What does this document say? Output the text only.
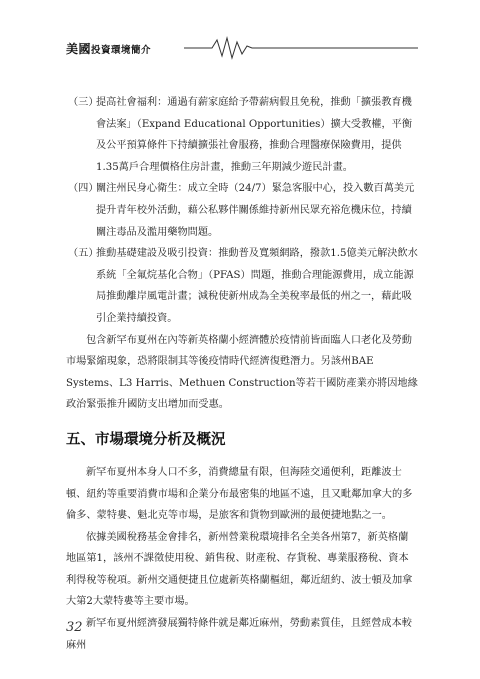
美國投資環境簡介

（三）
提高社會福利：通過有薪家庭給予帶薪病假且免稅，推動「擴張教育機會法案」（Expand Educational Opportunities）擴大受教權，平衡及公平預算條件下持續擴張社會服務，推動合理醫療保險費用，提供1.35萬戶合理價格住房計畫，推動三年期減少遊民計畫。

（四）
關注州民身心衛生：成立全時（24/7）緊急客服中心，投入數百萬美元提升青年校外活動，藉公私夥伴關係維持新州民眾充裕危機床位，持續關注毒品及濫用藥物問題。

（五）
推動基礎建設及吸引投資：推動普及寬頻網路，撥款1.5億美元解決飲水系統「全氟烷基化合物」（PFAS）問題，推動合理能源費用，成立能源局推動離岸風電計畫；減稅使新州成為全美稅率最低的州之一，藉此吸引企業持續投資。

包含新罕布夏州在內等新英格蘭小經濟體於疫情前皆面臨人口老化及勞動市場緊縮現象，恐將限制其等後疫情時代經濟復甦潛力。另該州BAE Systems、L3 Harris、Methuen Construction等若干國防產業亦將因地緣政治緊張推升國防支出增加而受惠。

五、市場環境分析及概況

新罕布夏州本身人口不多，消費總量有限，但海陸交通便利，距離波士頓、紐約等重要消費市場和企業分布最密集的地區不遠，且又毗鄰加拿大的多倫多、蒙特婁、魁北克等市場，是旅客和貨物到歐洲的最便捷地點之一。

依據美國稅務基金會排名，新州營業稅環境排名全美各州第7，新英格蘭地區第1，該州不課徵使用稅、銷售稅、財產稅、存貨稅、專業服務稅、資本利得稅等稅項。新州交通便捷且位處新英格蘭樞紐，鄰近紐約、波士頓及加拿大第2大蒙特婁等主要市場。

新罕布夏州經濟發展獨特條件就是鄰近麻州，勞動素質佳，且經營成本較麻州

32
